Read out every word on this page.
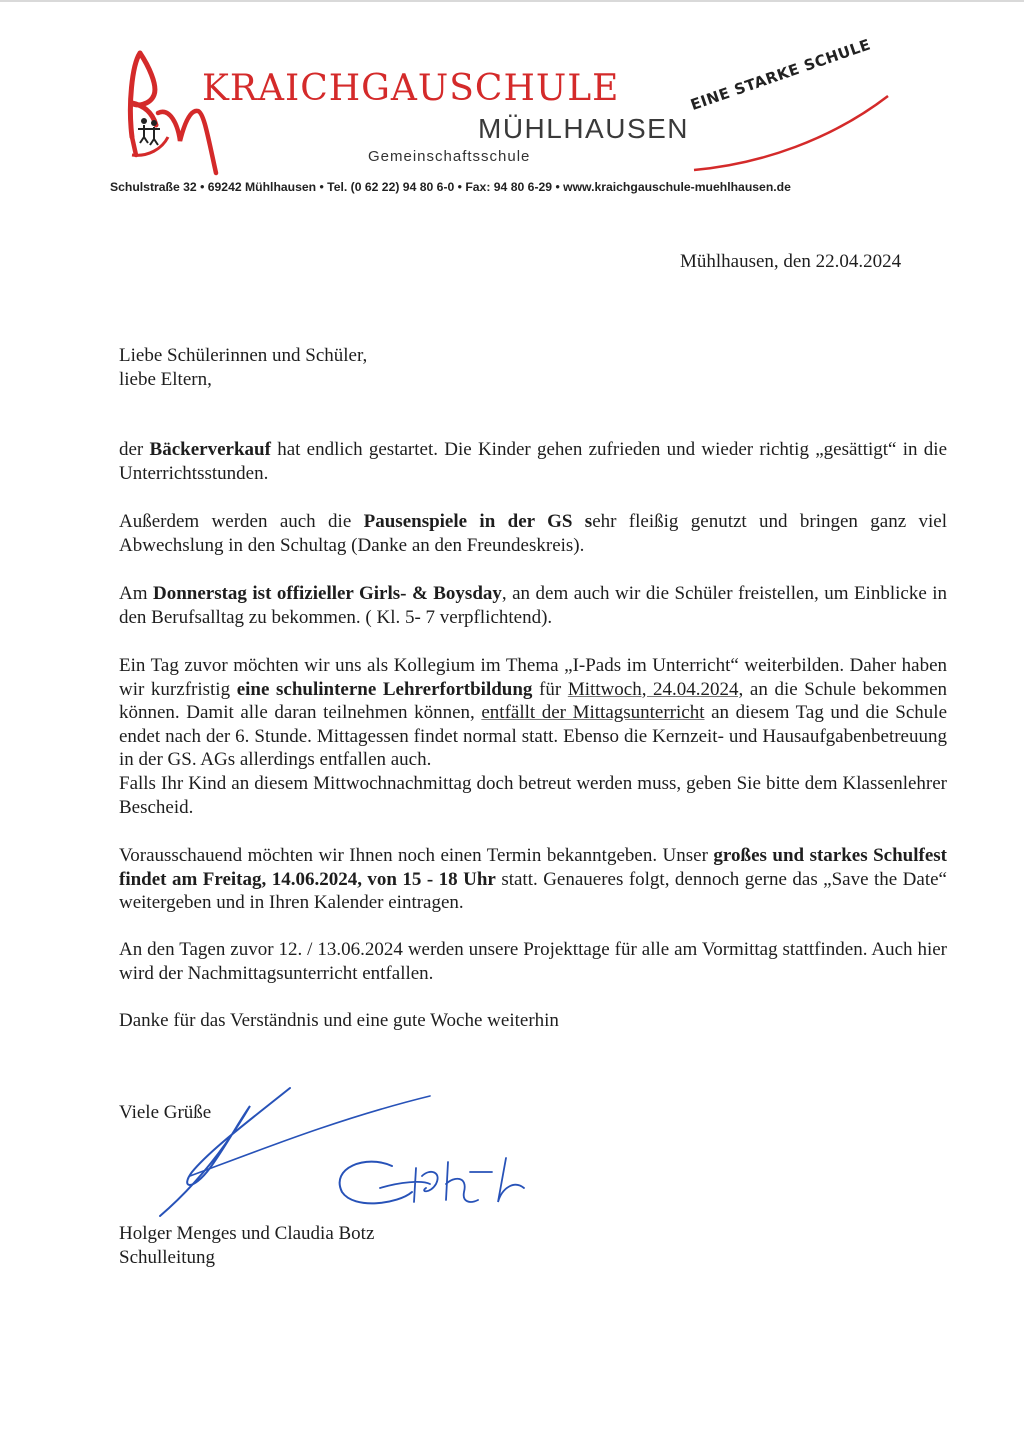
KRAICHGAUSCHULE
MÜHLHAUSEN
Gemeinschaftsschule
EINE STARKE SCHULE
Schulstraße 32 • 69242 Mühlhausen • Tel. (0 62 22) 94 80 6-0 • Fax: 94 80 6-29 • www.kraichgauschule-muehlhausen.de
Mühlhausen, den 22.04.2024
Liebe Schülerinnen und Schüler,
liebe Eltern,

der Bäckerverkauf hat endlich gestartet. Die Kinder gehen zufrieden und wieder richtig „gesättigt“ in die Unterrichtsstunden.

Außerdem werden auch die Pausenspiele in der GS sehr fleißig genutzt und bringen ganz viel Abwechslung in den Schultag (Danke an den Freundeskreis).

Am Donnerstag ist offizieller Girls- & Boysday, an dem auch wir die Schüler freistellen, um Einblicke in den Berufsalltag zu bekommen. ( Kl. 5- 7 verpflichtend).

Ein Tag zuvor möchten wir uns als Kollegium im Thema „I-Pads im Unterricht“ weiterbilden. Daher haben wir kurzfristig eine schulinterne Lehrerfortbildung für Mittwoch, 24.04.2024, an die Schule bekommen können. Damit alle daran teilnehmen können, entfällt der Mittagsunterricht an diesem Tag und die Schule endet nach der 6. Stunde. Mittagessen findet normal statt. Ebenso die Kernzeit- und Hausaufgabenbetreuung in der GS. AGs allerdings entfallen auch.

Falls Ihr Kind an diesem Mittwochnachmittag doch betreut werden muss, geben Sie bitte dem Klassenlehrer Bescheid.

Vorausschauend möchten wir Ihnen noch einen Termin bekanntgeben. Unser großes und starkes Schulfest findet am Freitag, 14.06.2024, von 15 - 18 Uhr statt. Genaueres folgt, dennoch gerne das „Save the Date“ weitergeben und in Ihren Kalender eintragen.

An den Tagen zuvor 12. / 13.06.2024 werden unsere Projekttage für alle am Vormittag stattfinden. Auch hier wird der Nachmittagsunterricht entfallen.

Danke für das Verständnis und eine gute Woche weiterhin

Viele Grüße
Holger Menges und Claudia Botz
Schulleitung
